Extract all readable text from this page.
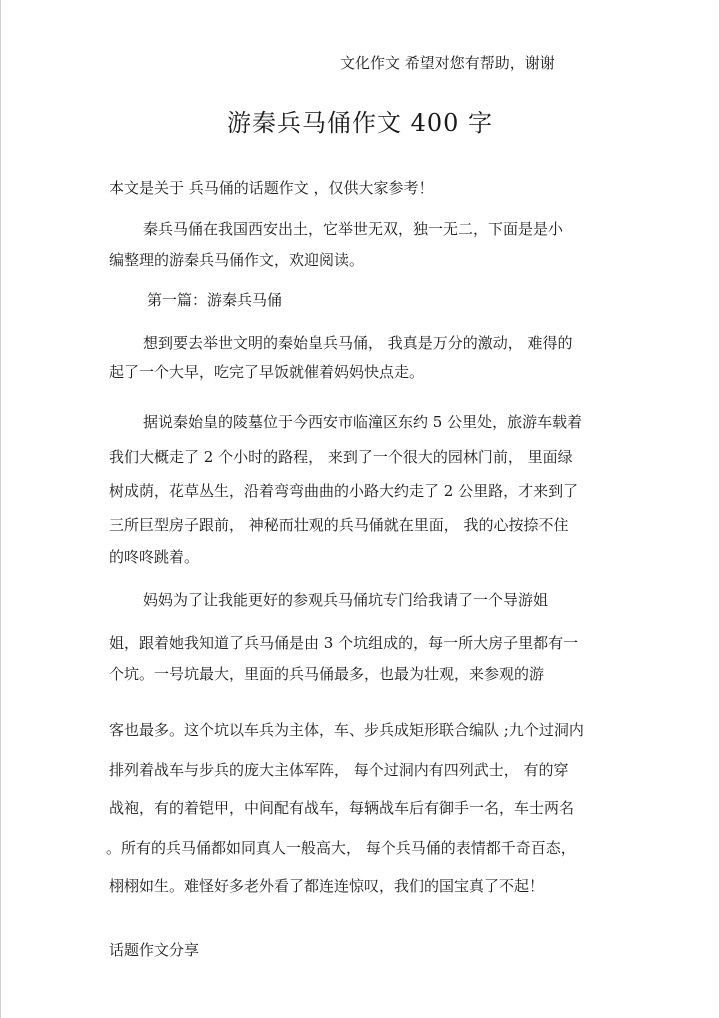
文化作文 希望对您有帮助，谢谢
游秦兵马俑作文 400 字
本文是关于 兵马俑的话题作文 ，仅供大家参考！
秦兵马俑在我国西安出土，它举世无双，独一无二，下面是是小
编整理的游秦兵马俑作文，欢迎阅读。
第一篇：游秦兵马俑
想到要去举世文明的秦始皇兵马俑， 我真是万分的激动， 难得的
起了一个大早，吃完了早饭就催着妈妈快点走。
据说秦始皇的陵墓位于今西安市临潼区东约 5 公里处，旅游车载着
我们大概走了 2 个小时的路程， 来到了一个很大的园林门前， 里面绿
树成荫，花草丛生，沿着弯弯曲曲的小路大约走了 2 公里路，才来到了
三所巨型房子跟前， 神秘而壮观的兵马俑就在里面， 我的心按捺不住
的咚咚跳着。
妈妈为了让我能更好的参观兵马俑坑专门给我请了一个导游姐
姐，跟着她我知道了兵马俑是由 3 个坑组成的，每一所大房子里都有一
个坑。一号坑最大，里面的兵马俑最多，也最为壮观，来参观的游
客也最多。这个坑以车兵为主体，车、步兵成矩形联合编队 ;九个过洞内
排列着战车与步兵的庞大主体军阵， 每个过洞内有四列武士， 有的穿
战袍，有的着铠甲，中间配有战车，每辆战车后有御手一名，车士两名
。所有的兵马俑都如同真人一般高大， 每个兵马俑的表情都千奇百态，
栩栩如生。难怪好多老外看了都连连惊叹，我们的国宝真了不起！
话题作文分享
